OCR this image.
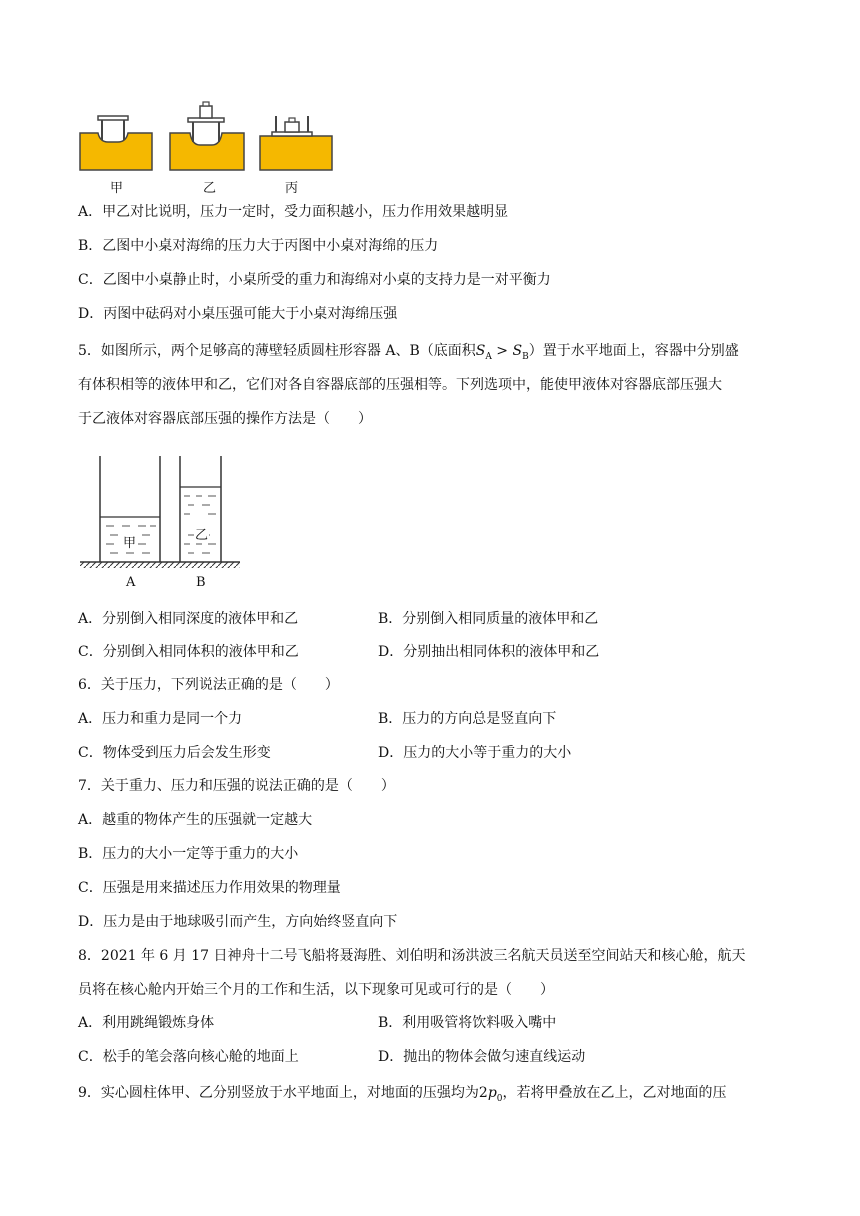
甲	乙	丙
A．甲乙对比说明，压力一定时，受力面积越小，压力作用效果越明显
B．乙图中小桌对海绵的压力大于丙图中小桌对海绵的压力
C．乙图中小桌静止时，小桌所受的重力和海绵对小桌的支持力是一对平衡力
D．丙图中砝码对小桌压强可能大于小桌对海绵压强
5．如图所示，两个足够高的薄壁轻质圆柱形容器 A、B（底面积$S_A > S_B$）置于水平地面上，容器中分别盛
有体积相等的液体甲和乙，它们对各自容器底部的压强相等。下列选项中，能使甲液体对容器底部压强大
于乙液体对容器底部压强的操作方法是（　　）
甲
乙
A	B
A．分别倒入相同深度的液体甲和乙	B．分别倒入相同质量的液体甲和乙
C．分别倒入相同体积的液体甲和乙	D．分别抽出相同体积的液体甲和乙
6．关于压力，下列说法正确的是（　　）
A．压力和重力是同一个力	B．压力的方向总是竖直向下
C．物体受到压力后会发生形变	D．压力的大小等于重力的大小
7．关于重力、压力和压强的说法正确的是（　　）
A．越重的物体产生的压强就一定越大
B．压力的大小一定等于重力的大小
C．压强是用来描述压力作用效果的物理量
D．压力是由于地球吸引而产生，方向始终竖直向下
8．2021 年 6 月 17 日神舟十二号飞船将聂海胜、刘伯明和汤洪波三名航天员送至空间站天和核心舱，航天
员将在核心舱内开始三个月的工作和生活，以下现象可见或可行的是（　　）
A．利用跳绳锻炼身体	B．利用吸管将饮料吸入嘴中
C．松手的笔会落向核心舱的地面上	D．抛出的物体会做匀速直线运动
9．实心圆柱体甲、乙分别竖放于水平地面上，对地面的压强均为$2p_0$，若将甲叠放在乙上，乙对地面的压
